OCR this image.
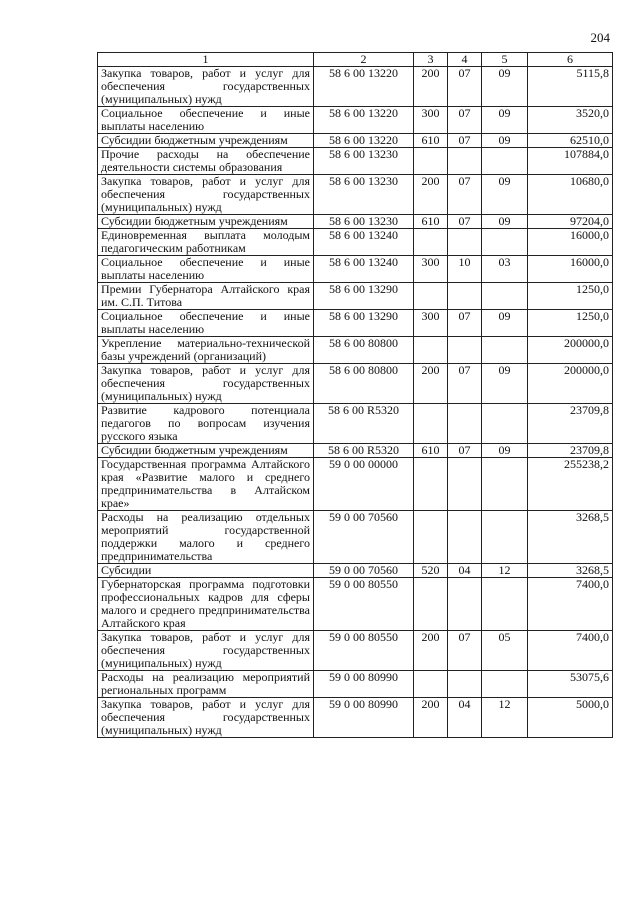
204
1	2	3	4	5	6
Закупка товаров, работ и услуг для обеспечения государственных (муниципальных) нужд	58 6 00 13220	200	07	09	5115,8
Социальное обеспечение и иные выплаты населению	58 6 00 13220	300	07	09	3520,0
Субсидии бюджетным учреждениям	58 6 00 13220	610	07	09	62510,0
Прочие расходы на обеспечение деятельности системы образования	58 6 00 13230				107884,0
Закупка товаров, работ и услуг для обеспечения государственных (муниципальных) нужд	58 6 00 13230	200	07	09	10680,0
Субсидии бюджетным учреждениям	58 6 00 13230	610	07	09	97204,0
Единовременная выплата молодым педагогическим работникам	58 6 00 13240				16000,0
Социальное обеспечение и иные выплаты населению	58 6 00 13240	300	10	03	16000,0
Премии Губернатора Алтайского края им. С.П. Титова	58 6 00 13290				1250,0
Социальное обеспечение и иные выплаты населению	58 6 00 13290	300	07	09	1250,0
Укрепление материально-технической базы учреждений (организаций)	58 6 00 80800				200000,0
Закупка товаров, работ и услуг для обеспечения государственных (муниципальных) нужд	58 6 00 80800	200	07	09	200000,0
Развитие кадрового потенциала педагогов по вопросам изучения русского языка	58 6 00 R5320				23709,8
Субсидии бюджетным учреждениям	58 6 00 R5320	610	07	09	23709,8
Государственная программа Алтайского края «Развитие малого и среднего предпринимательства в Алтайском крае»	59 0 00 00000				255238,2
Расходы на реализацию отдельных мероприятий государственной поддержки малого и среднего предпринимательства	59 0 00 70560				3268,5
Субсидии	59 0 00 70560	520	04	12	3268,5
Губернаторская программа подготовки профессиональных кадров для сферы малого и среднего предпринимательства Алтайского края	59 0 00 80550				7400,0
Закупка товаров, работ и услуг для обеспечения государственных (муниципальных) нужд	59 0 00 80550	200	07	05	7400,0
Расходы на реализацию мероприятий региональных программ	59 0 00 80990				53075,6
Закупка товаров, работ и услуг для обеспечения государственных (муниципальных) нужд	59 0 00 80990	200	04	12	5000,0
